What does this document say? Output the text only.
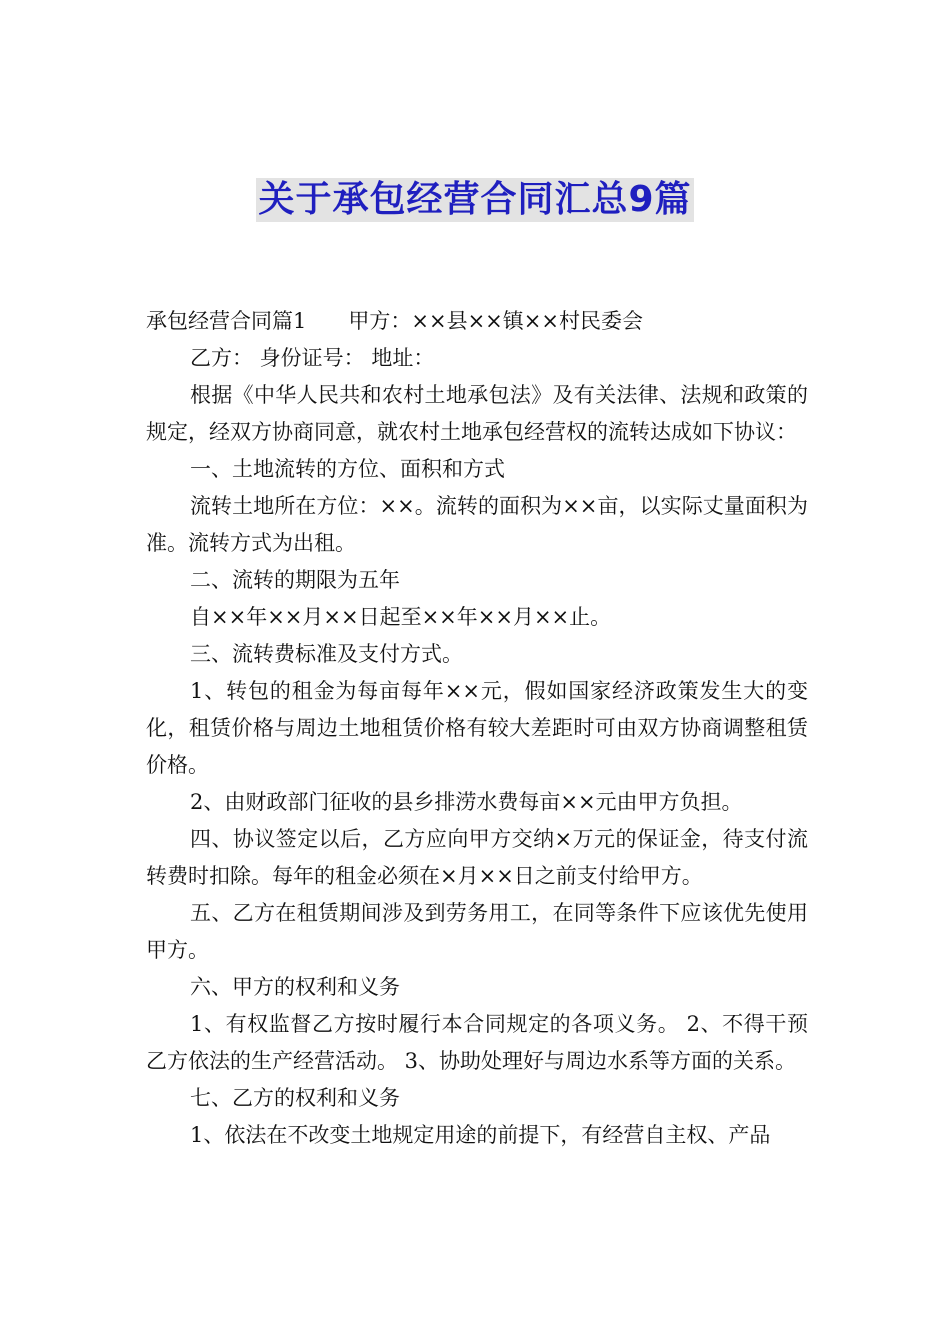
关于承包经营合同汇总9篇

承包经营合同篇1 甲方：××县××镇××村民委会

乙方： 身份证号： 地址：

根据《中华人民共和农村土地承包法》及有关法律、法规和政策的规定，经双方协商同意，就农村土地承包经营权的流转达成如下协议：

一、土地流转的方位、面积和方式

流转土地所在方位：××。流转的面积为××亩，以实际丈量面积为准。流转方式为出租。

二、流转的期限为五年

自××年××月××日起至××年××月××止。

三、流转费标准及支付方式。

1、转包的租金为每亩每年××元，假如国家经济政策发生大的变化，租赁价格与周边土地租赁价格有较大差距时可由双方协商调整租赁价格。

2、由财政部门征收的县乡排涝水费每亩××元由甲方负担。

四、协议签定以后，乙方应向甲方交纳×万元的保证金，待支付流转费时扣除。每年的租金必须在×月××日之前支付给甲方。

五、乙方在租赁期间涉及到劳务用工，在同等条件下应该优先使用甲方。

六、甲方的权利和义务

1、有权监督乙方按时履行本合同规定的各项义务。 2、不得干预乙方依法的生产经营活动。 3、协助处理好与周边水系等方面的关系。

七、乙方的权利和义务

1、依法在不改变土地规定用途的前提下，有经营自主权、产品
